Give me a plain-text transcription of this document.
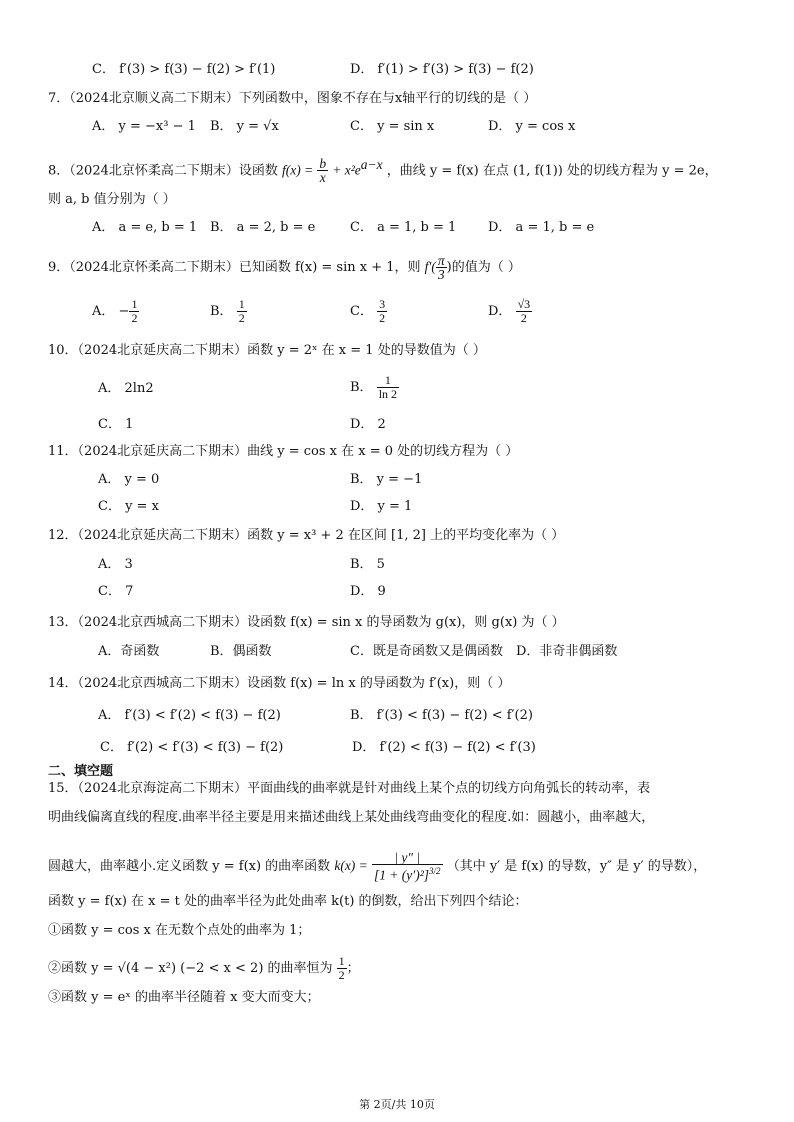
C． f′(3) > f(3) − f(2) > f′(1)	D． f′(1) > f′(3) > f(3) − f(2)
7．（2024北京顺义高二下期末）下列函数中，图象不存在与x轴平行的切线的是（ ）
A． y = −x³ − 1 B． y = √x	C． y = sin x	D． y = cos x
8．（2024北京怀柔高二下期末）设函数 $f(x) = \frac{b}{x} + x^2e^{a-x}$ ，曲线 y = f(x) 在点 (1, f(1)) 处的切线方程为 y = 2e，
则 a, b 值分别为（ ）
A． a = e, b = 1 B． a = 2, b = e	C． a = 1, b = 1 D． a = 1, b = e
9．（2024北京怀柔高二下期末）已知函数 f(x) = sin x + 1，则 $f'( \frac{\pi}{3}$ )的值为（ ）
A． − $\frac{1}{2}$	B． $\frac{1}{2}$	C． $\frac{3}{2}$	D． $\frac{√3}{2}$
10．（2024北京延庆高二下期末）函数 y = 2ˣ 在 x = 1 处的导数值为（ ）
A． 2ln2	B． $\frac{1}{\ln 2}$
C． 1	D． 2
11．（2024北京延庆高二下期末）曲线 y = cos x 在 x = 0 处的切线方程为（ ）
A． y = 0	B． y = −1
C． y = x	D． y = 1
12．（2024北京延庆高二下期末）函数 y = x³ + 2 在区间 [1, 2] 上的平均变化率为（ ）
A． 3	B． 5
C． 7	D． 9
13．（2024北京西城高二下期末）设函数 f(x) = sin x 的导函数为 g(x)，则 g(x) 为（ ）
A．奇函数	B．偶函数	C．既是奇函数又是偶函数 D．非奇非偶函数
14．（2024北京西城高二下期末）设函数 f(x) = ln x 的导函数为 f′(x)，则（ ）
A． f′(3) < f′(2) < f(3) − f(2)	B． f′(3) < f(3) − f(2) < f′(2)
C． f′(2) < f′(3) < f(3) − f(2)	D． f′(2) < f(3) − f(2) < f′(3)
二、填空题
15．（2024北京海淀高二下期末）平面曲线的曲率就是针对曲线上某个点的切线方向角弧长的转动率，表
明曲线偏离直线的程度.曲率半径主要是用来描述曲线上某处曲线弯曲变化的程度.如：圆越小，曲率越大，
圆越大，曲率越小.定义函数 y = f(x) 的曲率函数 $k(x) = \frac{| y'' |}{[1 + (y')^2]^{3/2}}$ （其中 y′ 是 f(x) 的导数，y″ 是 y′ 的导数），
函数 y = f(x) 在 x = t 处的曲率半径为此处曲率 k(t) 的倒数，给出下列四个结论：
①函数 y = cos x 在无数个点处的曲率为 1；
②函数 y = √(4 − x²) (−2 < x < 2) 的曲率恒为 $\frac{1}{2}$ ；
③函数 y = eˣ 的曲率半径随着 x 变大而变大；
第 2页/共 10页
